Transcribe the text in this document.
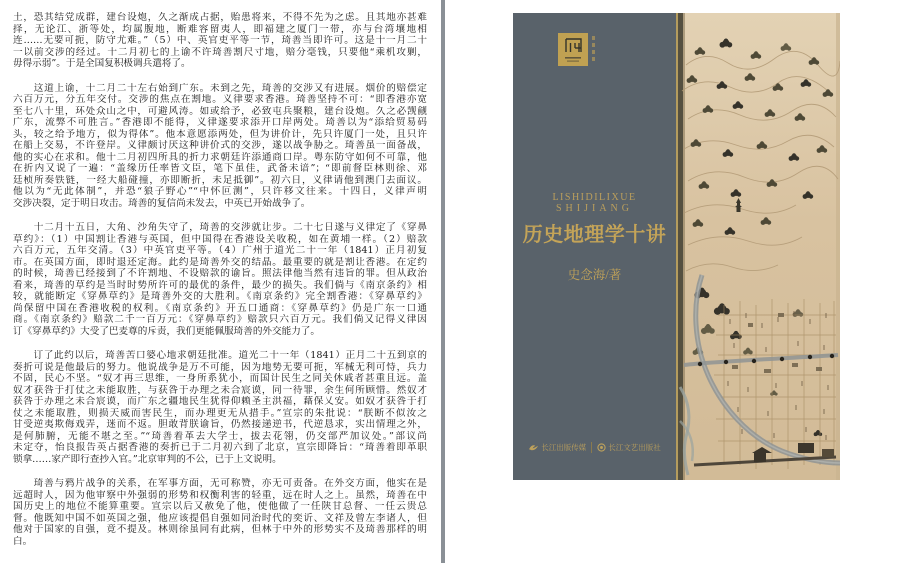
土，恐其结党成群，建台设炮，久之渐成占据，贻患将来，不得不先为之虑。且其地亦甚难
择，无论江、浙等处，均属腹地，断难容留夷人，即福建之厦门一带，亦与台湾壤地相
连……无要可扼，防守尤难。”（5）中、英官吏平等一节，琦善当即许可。这是十一月二十
一以前交涉的经过。十二月初七的上谕不许琦善割尺寸地，赔分毫钱，只要他“乘机攻剿，
毋得示弱”。于是全国复积极调兵遣将了。
　　这道上谕，十二月二十左右始到广东。未到之先，琦善的交涉又有进展。烟价的赔偿定
六百万元，分五年交付。交涉的焦点在割地。义律要求香港。琦善坚持不可：“即香港亦宽
至七八十里，环处众山之中，可避风涛。如或给予，必致屯兵聚粮，建台设炮。久之必觊觎
广东，流弊不可胜言。”香港即不能得，义律遂要求添开口岸两处。琦善以为“添给贸易码
头，较之给予地方，似为得体”。他本意愿添两处，但为讲价计，先只许厦门一处，且只许
在船上交易，不许登岸。义律颇讨厌这种讲价式的交涉，遂以战争胁之。琦善虽一面备战，
他的实心在求和。他十二月初四所具的折力求朝廷许添通商口岸。粤东防守如何不可靠，他
在折内又说了一遍：“盖缘历任率皆文臣，笔下虽佳，武备未谙”；“即前督臣林则徐、邓
廷桢所奏铁链，一经大船碰撞，亦即断折，未足抵御”。初六日，义律请他到澳门去面议。
他以为“无此体制”，并恐“狼子野心”“中怀叵测”，只许移文往来。十四日，义律声明
交涉决裂，定于明日攻击。琦善的复信尚未发去，中英已开始战争了。
　　十二月十五日，大角、沙角失守了，琦善的交涉就让步。二十七日遂与义律定了《穿鼻
草约》：（1）中国割让香港与英国，但中国得在香港设关收税，如在黄埔一样。（2）赔款
六百万元，五年交清。（3）中英官吏平等。（4）广州于道光二十一年（1841）正月初复
市。在英国方面，即时退还定海。此约是琦善外交的结晶。最重要的就是割让香港。在定约
的时候，琦善已经接到了不许割地、不设赔款的谕旨。照法律他当然有违旨的罪。但从政治
看来，琦善的草约是当时时势所许可的最优的条件，最少的损失。我们倘与《南京条约》相
较，就能断定《穿鼻草约》是琦善外交的大胜利。《南京条约》完全割香港：《穿鼻草约》
尚保留中国在香港收税的权利。《南京条约》开五口通商：《穿鼻草约》仍是广东一口通
商。《南京条约》赔款二千一百万元：《穿鼻草约》赔款只六百万元。我们倘又记得义律因
订《穿鼻草约》大受了巴麦尊的斥责，我们更能佩服琦善的外交能力了。
　　订了此约以后，琦善苦口婆心地求朝廷批准。道光二十一年（1841）正月二十五到京的
奏折可说是他最后的努力。他说战争是万不可能，因为地势无要可扼，军械无利可恃，兵力
不固，民心不坚。“奴才再三思维，一身所系犹小，而国计民生之同关休戚者甚重且远。盖
奴才获咎于打仗之未能取胜，与获咎于办理之未合宸谟，同一待罪，余生何所顾惜。然奴才
获咎于办理之未合宸谟，而广东之疆地民生犹得仰赖圣主洪福，藉保乂安。如奴才获咎于打
仗之未能取胜，则损天威而害民生，而办理更无从措手。”宣宗的朱批说：“朕断不似汝之
甘受逆夷欺侮戏弄，迷而不返。胆敢背朕谕旨，仍然接递逆书，代逆恳求，实出情理之外，
是何肺腑，无能不堪之至。”“琦善着革去大学士，拔去花翎，仍交部严加议处。”部议尚
未定夺，怡良报告英占据香港的奏折已于二月初六到了北京，宣宗即降旨：“琦善着即革职
锁拿……家产即行查抄入官。”北京审判的不公，已于上文说明。
　　琦善与鸦片战争的关系，在军事方面，无可称赞，亦无可责备。在外交方面，他实在是
远超时人，因为他审察中外强弱的形势和权衡利害的轻重，远在时人之上。虽然，琦善在中
国历史上的地位不能算重要。宣宗以后又赦免了他，使他做了一任陕甘总督、一任云贵总
督。他既知中国不如英国之强，他应该提倡自强如同治时代的奕䜣、文祥及曾左李诸人，但
他对于国家的自强，竟不提及。林则徐虽同有此病，但林于中外的形势实不及琦善那样的明
白。
LISHIDILIXUE
SHIJIANG
历史地理学十讲
史念海/著
长江出版传媒	长江文艺出版社
